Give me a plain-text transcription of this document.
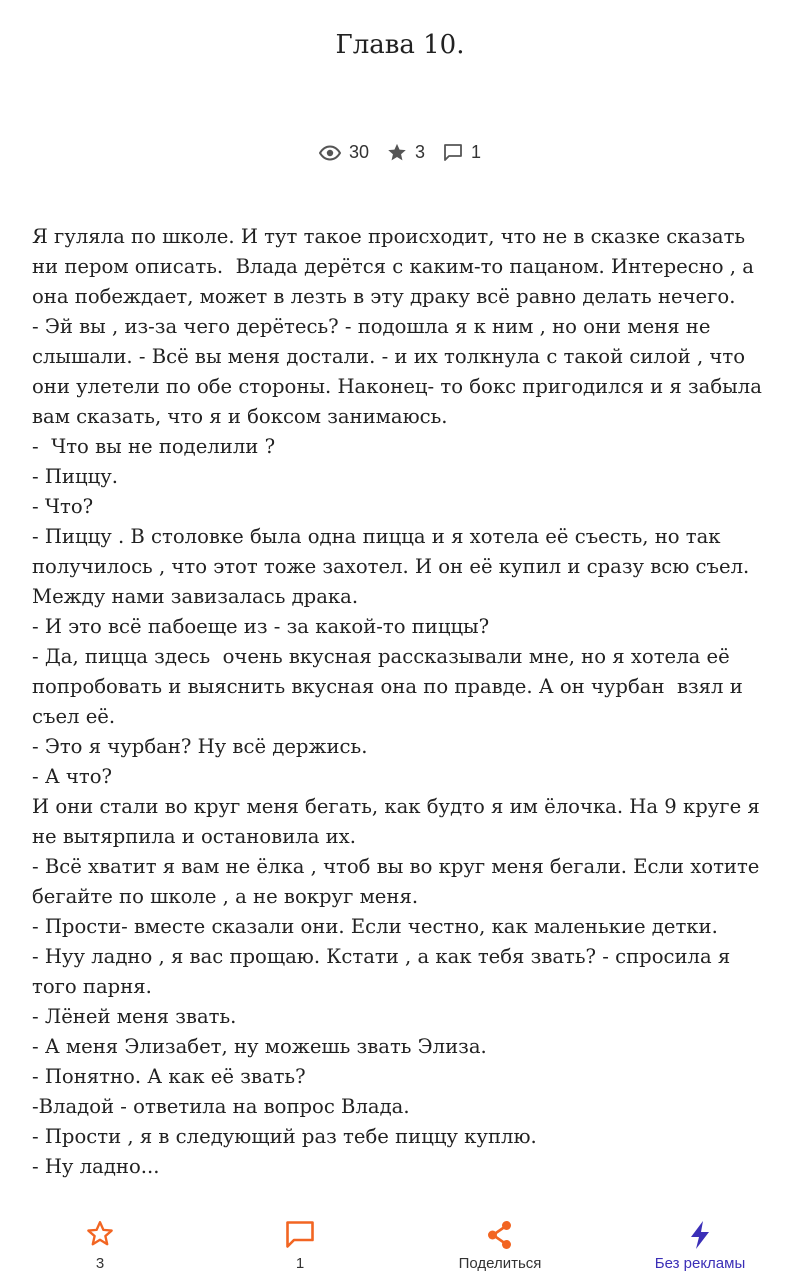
Глава 10.
30	3	1

Я гуляла по школе. И тут такое происходит, что не в сказке сказать ни пером описать.  Влада дерётся с каким-то пацаном. Интересно , а она побеждает, может в лезть в эту драку всё равно делать нечего.

- Эй вы , из-за чего дерётесь? - подошла я к ним , но они меня не слышали. - Всё вы меня достали. - и их толкнула с такой силой , что они улетели по обе стороны. Наконец- то бокс пригодился и я забыла вам сказать, что я и боксом занимаюсь.

-  Что вы не поделили ?

- Пиццу.

- Что?

- Пиццу . В столовке была одна пицца и я хотела её съесть, но так получилось , что этот тоже захотел. И он её купил и сразу всю съел. Между нами завизалась драка.

- И это всё пабоеще из - за какой-то пиццы?

- Да, пицца здесь  очень вкусная рассказывали мне, но я хотела её попробовать и выяснить вкусная она по правде. А он чурбан  взял и съел её.

- Это я чурбан? Ну всё держись.

- А что?

И они стали во круг меня бегать, как будто я им ёлочка. На 9 круге я не вытярпила и остановила их.

- Всё хватит я вам не ёлка , чтоб вы во круг меня бегали. Если хотите бегайте по школе , а не вокруг меня.

- Прости- вместе сказали они. Если честно, как маленькие детки.

- Нуу ладно , я вас прощаю. Кстати , а как тебя звать? - спросила я того парня.

- Лёней меня звать.

- А меня Элизабет, ну можешь звать Элиза.

- Понятно. А как её звать?

-Владой - ответила на вопрос Влада.

- Прости , я в следующий раз тебе пиццу куплю.

- Ну ладно...

3	1	Поделиться	Без рекламы
